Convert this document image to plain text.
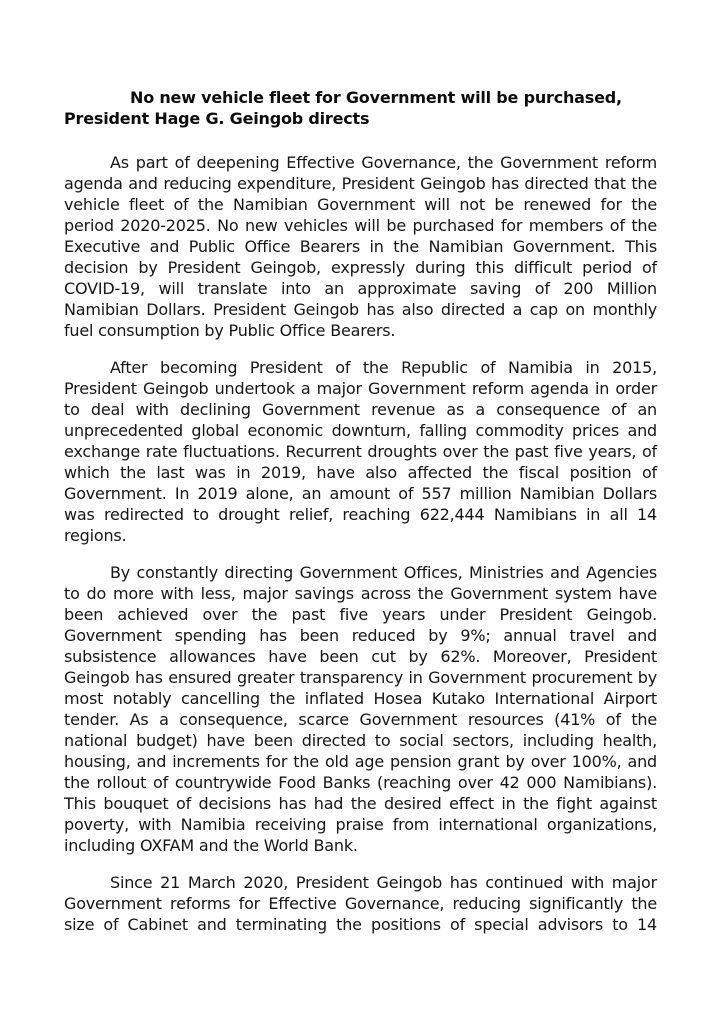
No new vehicle fleet for Government will be purchased, President Hage G. Geingob directs

As part of deepening Effective Governance, the Government reform agenda and reducing expenditure, President Geingob has directed that the vehicle fleet of the Namibian Government will not be renewed for the period 2020-2025. No new vehicles will be purchased for members of the Executive and Public Office Bearers in the Namibian Government. This decision by President Geingob, expressly during this difficult period of COVID-19, will translate into an approximate saving of 200 Million Namibian Dollars. President Geingob has also directed a cap on monthly fuel consumption by Public Office Bearers.

After becoming President of the Republic of Namibia in 2015, President Geingob undertook a major Government reform agenda in order to deal with declining Government revenue as a consequence of an unprecedented global economic downturn, falling commodity prices and exchange rate fluctuations. Recurrent droughts over the past five years, of which the last was in 2019, have also affected the fiscal position of Government. In 2019 alone, an amount of 557 million Namibian Dollars was redirected to drought relief, reaching 622,444 Namibians in all 14 regions.

By constantly directing Government Offices, Ministries and Agencies to do more with less, major savings across the Government system have been achieved over the past five years under President Geingob. Government spending has been reduced by 9%; annual travel and subsistence allowances have been cut by 62%. Moreover, President Geingob has ensured greater transparency in Government procurement by most notably cancelling the inflated Hosea Kutako International Airport tender. As a consequence, scarce Government resources (41% of the national budget) have been directed to social sectors, including health, housing, and increments for the old age pension grant by over 100%, and the rollout of countrywide Food Banks (reaching over 42 000 Namibians). This bouquet of decisions has had the desired effect in the fight against poverty, with Namibia receiving praise from international organizations, including OXFAM and the World Bank.

Since 21 March 2020, President Geingob has continued with major Government reforms for Effective Governance, reducing significantly the size of Cabinet and terminating the positions of special advisors to 14
